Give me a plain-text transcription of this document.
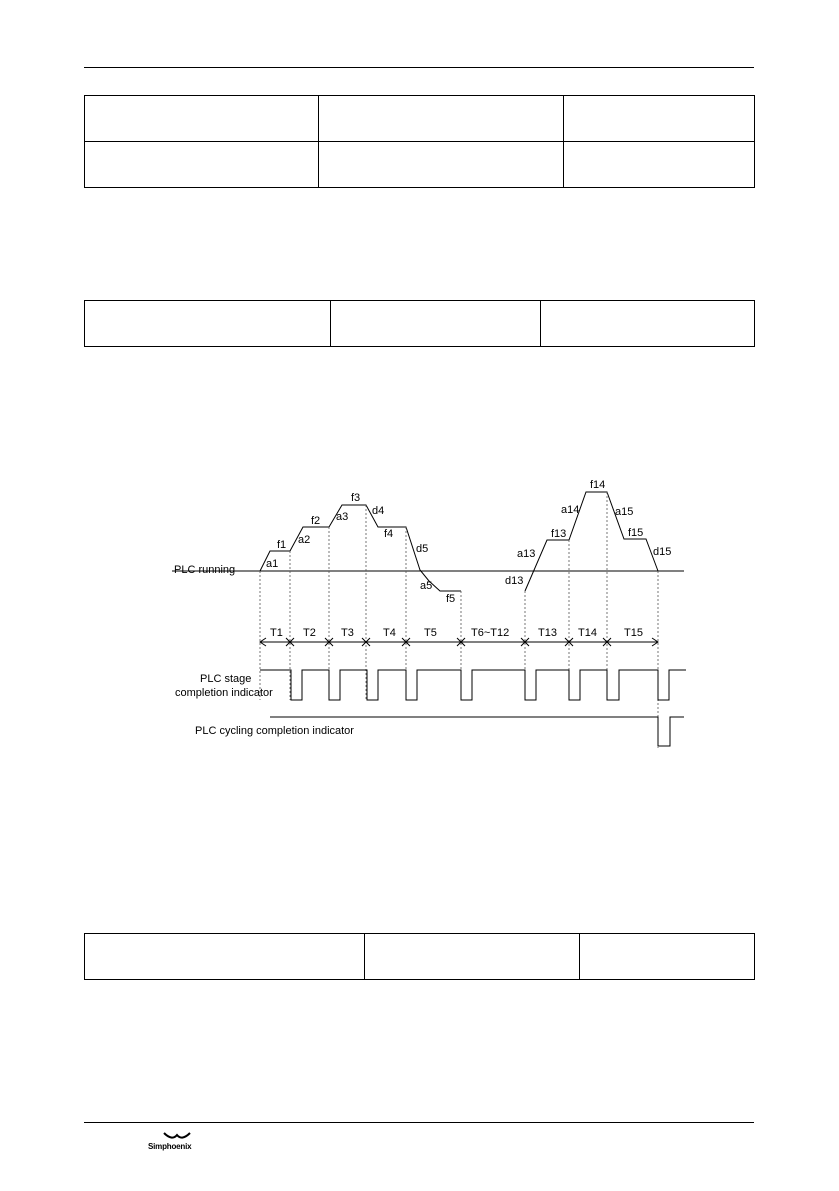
PLC running
f1
f2
f3
f4
f5
f13
f14
f15
a1
a2
a3
a5
a13
a14	a15
d4
d5
d13
d15
T1 T2 T3	T4	T5	T6~T12	T13 T14 T15
PLC stage
completion indicator
PLC cycling completion indicator

Simphoenix
